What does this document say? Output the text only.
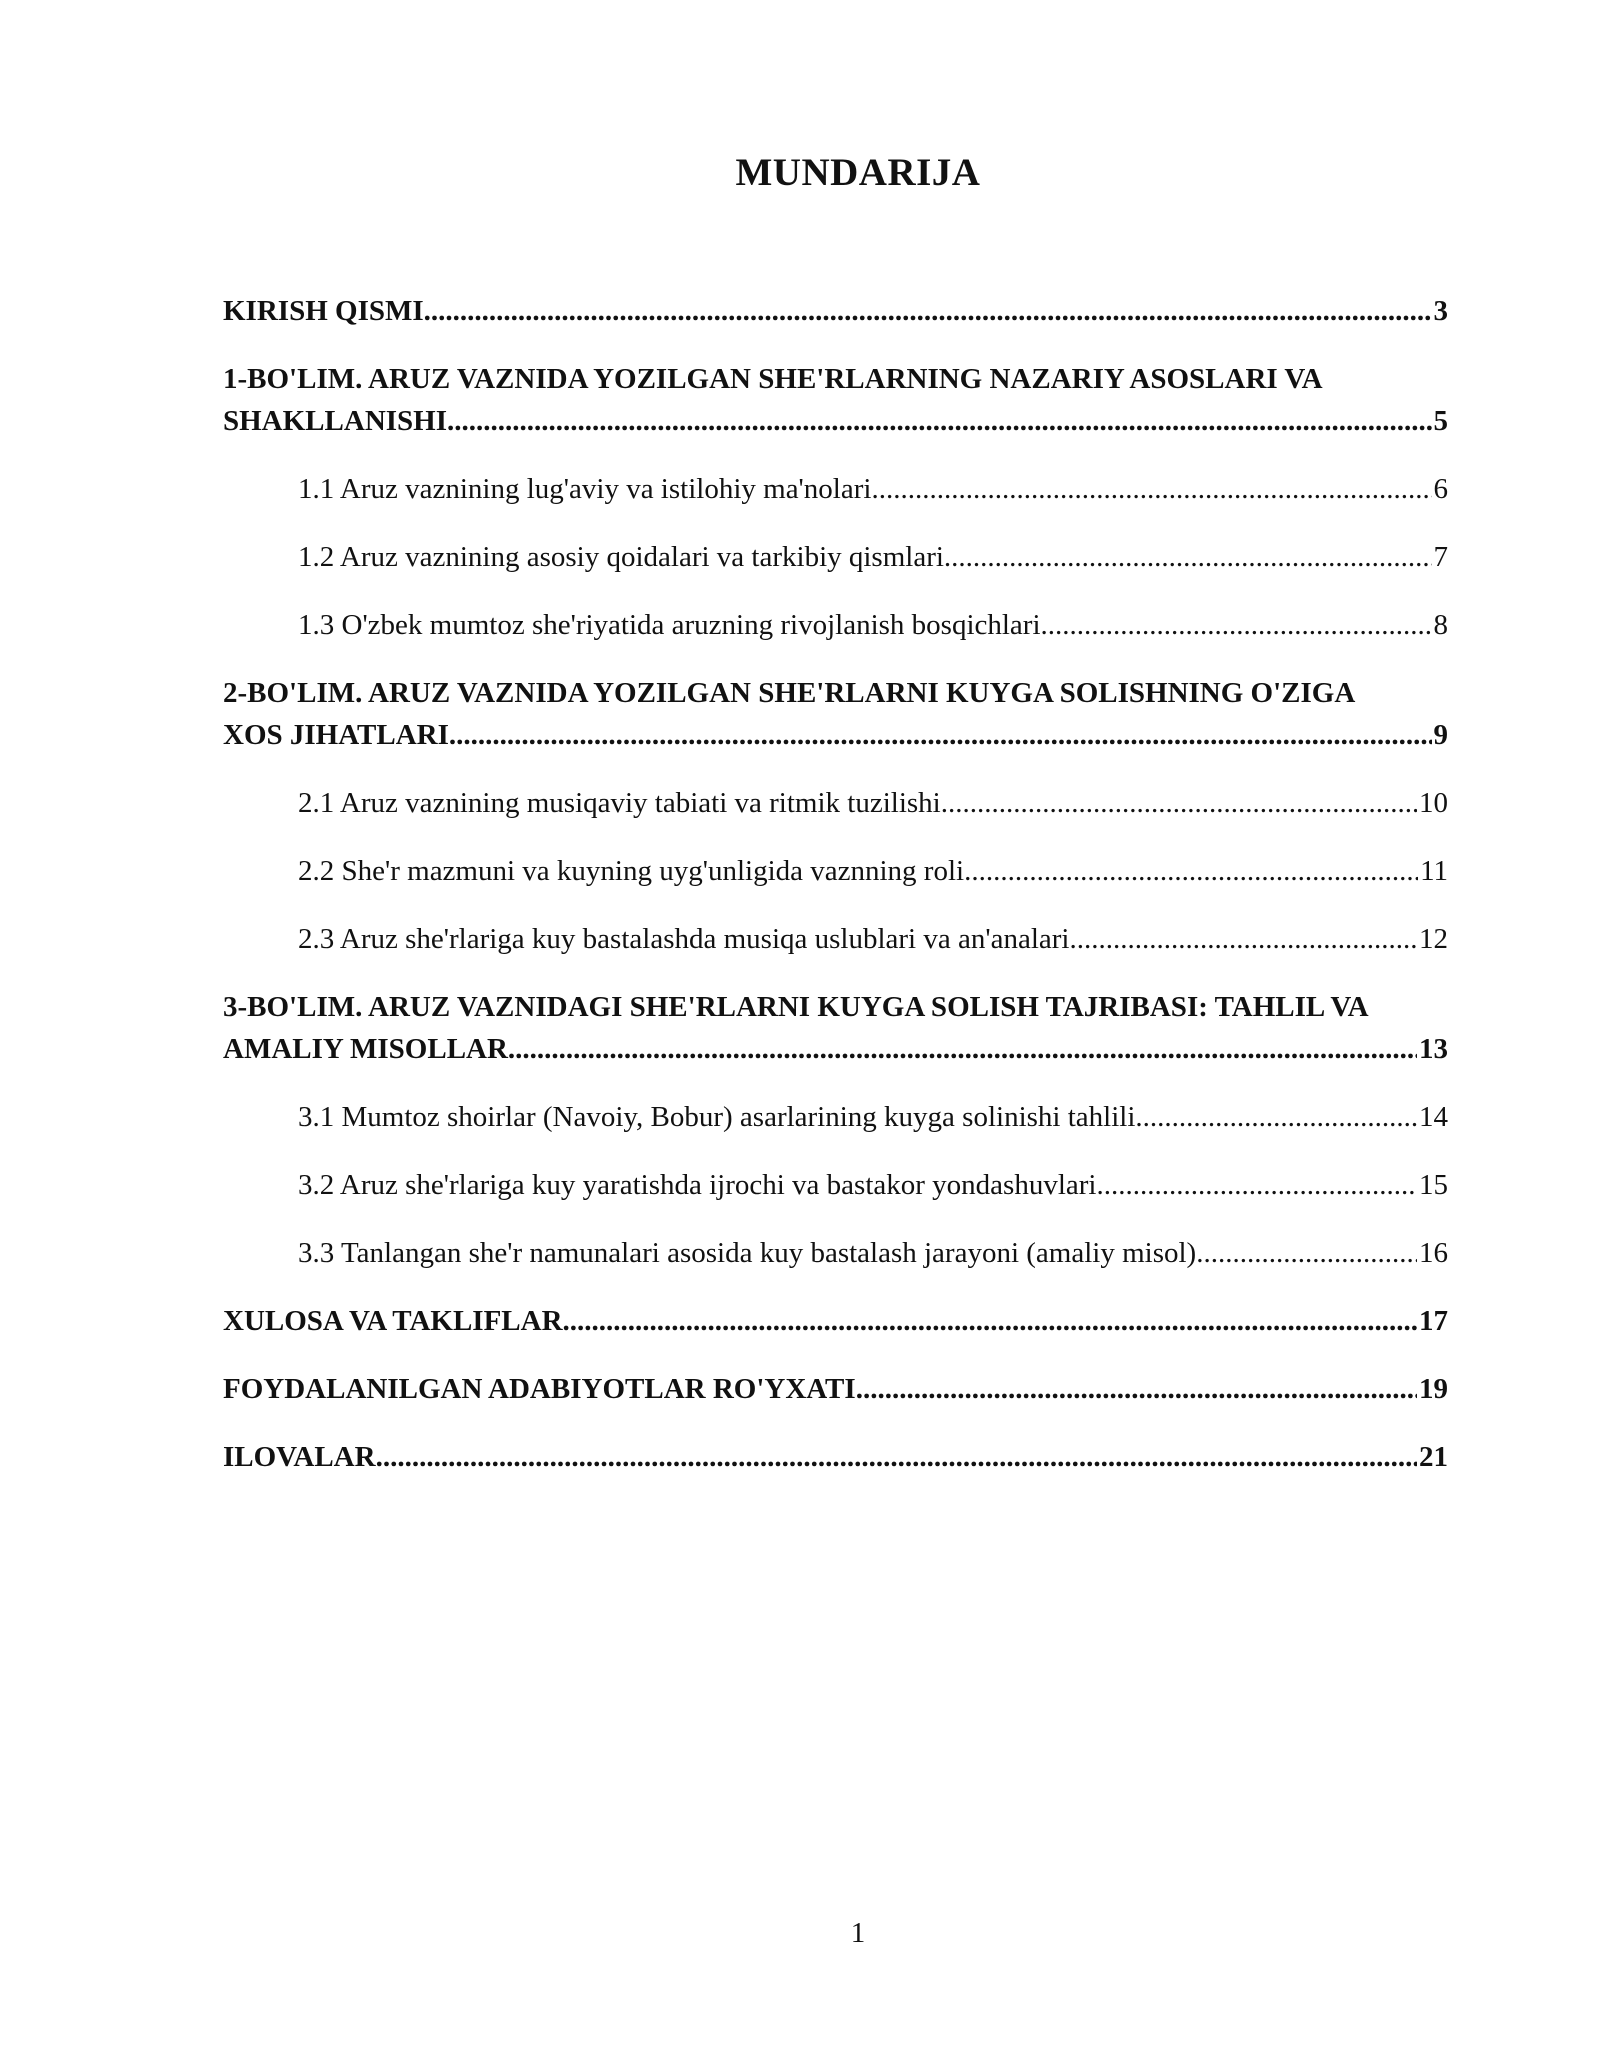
MUNDARIJA
KIRISH QISMI .....	3
1-BO'LIM. ARUZ VAZNIDA YOZILGAN SHE'RLARNING NAZARIY ASOSLARI VA
SHAKLLANISHI .....	5
1.1 Aruz vaznining lug'aviy va istilohiy ma'nolari .....	6
1.2 Aruz vaznining asosiy qoidalari va tarkibiy qismlari .....	7
1.3 O'zbek mumtoz she'riyatida aruzning rivojlanish bosqichlari .....	8
2-BO'LIM. ARUZ VAZNIDA YOZILGAN SHE'RLARNI KUYGA SOLISHNING O'ZIGA
XOS JIHATLARI .....	9
2.1 Aruz vaznining musiqaviy tabiati va ritmik tuzilishi .....	10
2.2 She'r mazmuni va kuyning uyg'unligida vaznning roli .....	11
2.3 Aruz she'rlariga kuy bastalashda musiqa uslublari va an'analari .....	12
3-BO'LIM. ARUZ VAZNIDAGI SHE'RLARNI KUYGA SOLISH TAJRIBASI: TAHLIL VA
AMALIY MISOLLAR .....	13
3.1 Mumtoz shoirlar (Navoiy, Bobur) asarlarining kuyga solinishi tahlili .....	14
3.2 Aruz she'rlariga kuy yaratishda ijrochi va bastakor yondashuvlari .....	15
3.3 Tanlangan she'r namunalari asosida kuy bastalash jarayoni (amaliy misol) .....	16
XULOSA VA TAKLIFLAR .....	17
FOYDALANILGAN ADABIYOTLAR RO'YXATI .....	19
ILOVALAR .....	21
1
